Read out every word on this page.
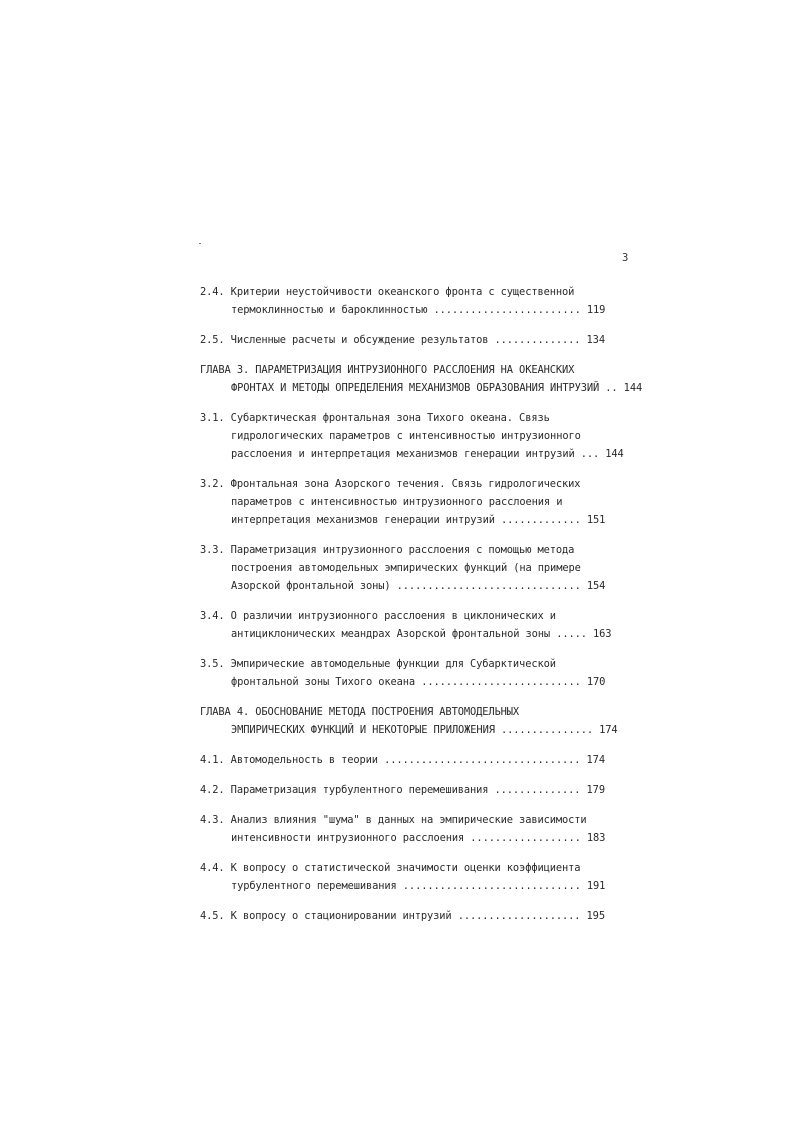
3
2.4. Критерии неустойчивости океанского фронта с существенной
термоклинностью и бароклинностью ........................ 119
2.5. Численные расчеты и обсуждение результатов .............. 134
ГЛАВА 3. ПАРАМЕТРИЗАЦИЯ ИНТРУЗИОННОГО РАССЛОЕНИЯ НА ОКЕАНСКИХ
ФРОНТАХ И МЕТОДЫ ОПРЕДЕЛЕНИЯ МЕХАНИЗМОВ ОБРАЗОВАНИЯ ИНТРУЗИЙ .. 144
3.1. Субарктическая фронтальная зона Тихого океана. Связь
гидрологических параметров с интенсивностью интрузионного
расслоения и интерпретация механизмов генерации интрузий ... 144
3.2. Фронтальная зона Азорского течения. Связь гидрологических
параметров с интенсивностью интрузионного расслоения и
интерпретация механизмов генерации интрузий ............. 151
3.3. Параметризация интрузионного расслоения с помощью метода
построения автомодельных эмпирических функций (на примере
Азорской фронтальной зоны) .............................. 154
3.4. О различии интрузионного расслоения в циклонических и
антициклонических меандрах Азорской фронтальной зоны ..... 163
3.5. Эмпирические автомодельные функции для Субарктической
фронтальной зоны Тихого океана .......................... 170
ГЛАВА 4. ОБОСНОВАНИЕ МЕТОДА ПОСТРОЕНИЯ АВТОМОДЕЛЬНЫХ
ЭМПИРИЧЕСКИХ ФУНКЦИЙ И НЕКОТОРЫЕ ПРИЛОЖЕНИЯ ............... 174
4.1. Автомодельность в теории ................................ 174
4.2. Параметризация турбулентного перемешивания .............. 179
4.3. Анализ влияния "шума" в данных на эмпирические зависимости
интенсивности интрузионного расслоения .................. 183
4.4. К вопросу о статистической значимости оценки коэффициента
турбулентного перемешивания ............................. 191
4.5. К вопросу о стационировании интрузий .................... 195
